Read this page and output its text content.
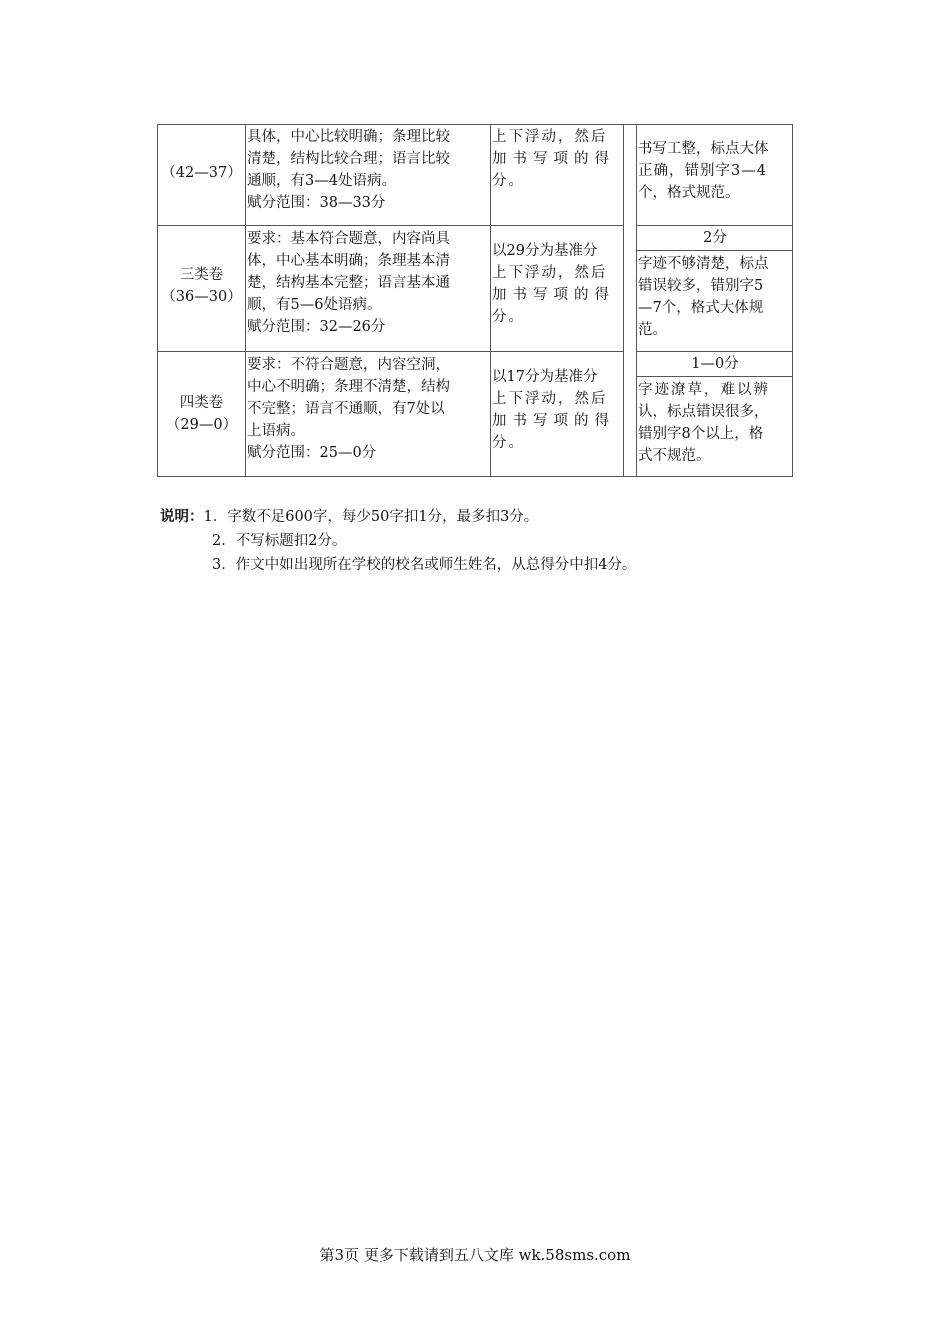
（42—37）
具体，中心比较明确；条理比较
清楚，结构比较合理；语言比较
通顺，有3—4处语病。
赋分范围：38—33分
上下浮动，然后
加书写项的得
分。
书写工整，标点大体
正确，错别字3—4
个，格式规范。
三类卷
（36—30）
要求：基本符合题意，内容尚具
体，中心基本明确；条理基本清
楚，结构基本完整；语言基本通
顺，有5—6处语病。
赋分范围：32—26分
以29分为基准分
上下浮动，然后
加书写项的得
分。
2分
字迹不够清楚，标点
错误较多，错别字5
—7个，格式大体规
范。
四类卷
（29—0）
要求：不符合题意，内容空洞，
中心不明确；条理不清楚，结构
不完整；语言不通顺，有7处以
上语病。
赋分范围：25—0分
以17分为基准分
上下浮动，然后
加书写项的得
分。
1—0分
字迹潦草，难以辨
认，标点错误很多，
错别字8个以上，格
式不规范。
说明：1．字数不足600字，每少50字扣1分，最多扣3分。
2．不写标题扣2分。
3．作文中如出现所在学校的校名或师生姓名，从总得分中扣4分。
第3页 更多下载请到五八文库 wk.58sms.com
